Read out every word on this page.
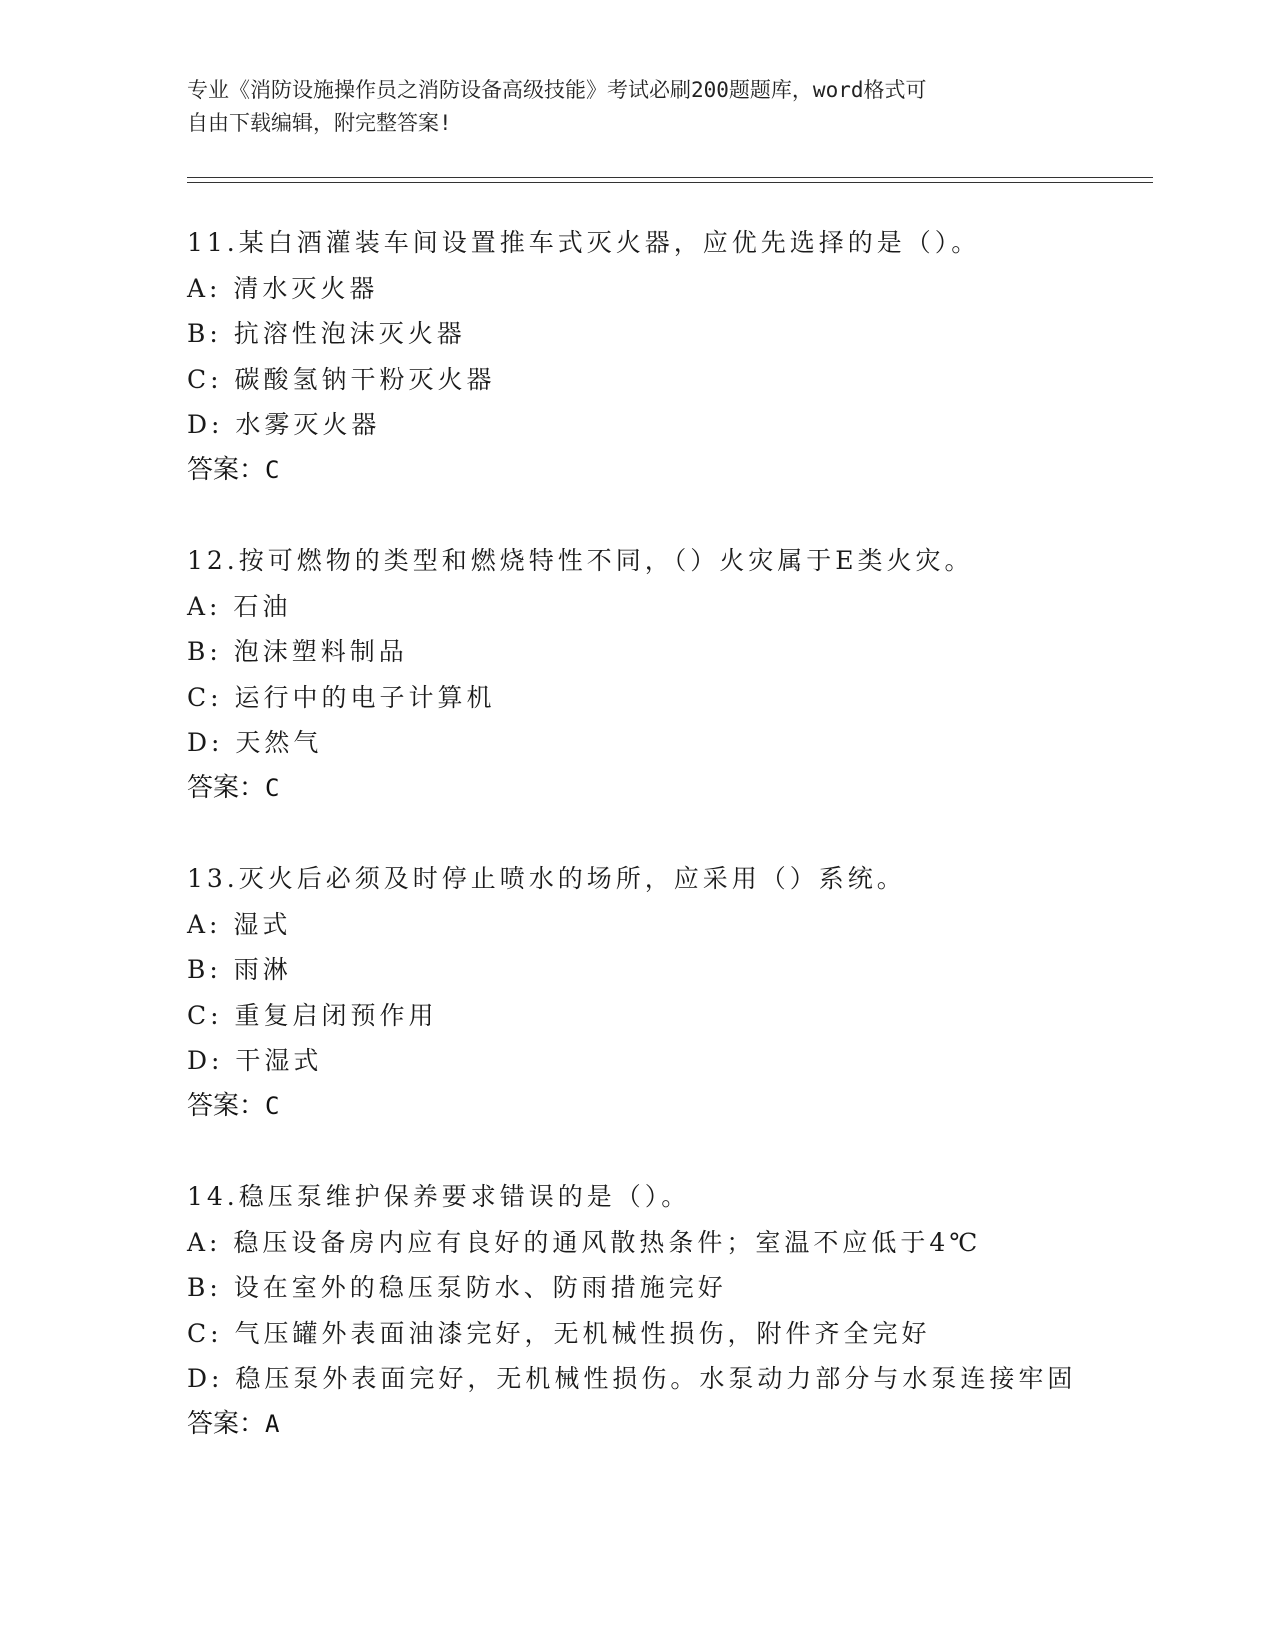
专业《消防设施操作员之消防设备高级技能》考试必刷200题题库，word格式可
自由下载编辑，附完整答案!
11.某白酒灌装车间设置推车式灭火器，应优先选择的是（）。
A: 清水灭火器
B: 抗溶性泡沫灭火器
C: 碳酸氢钠干粉灭火器
D: 水雾灭火器
答案：C
12.按可燃物的类型和燃烧特性不同，（）火灾属于E类火灾。
A: 石油
B: 泡沫塑料制品
C: 运行中的电子计算机
D: 天然气
答案：C
13.灭火后必须及时停止喷水的场所，应采用（）系统。
A: 湿式
B: 雨淋
C: 重复启闭预作用
D: 干湿式
答案：C
14.稳压泵维护保养要求错误的是（）。
A: 稳压设备房内应有良好的通风散热条件；室温不应低于4℃
B: 设在室外的稳压泵防水、防雨措施完好
C: 气压罐外表面油漆完好，无机械性损伤，附件齐全完好
D: 稳压泵外表面完好，无机械性损伤。水泵动力部分与水泵连接牢固
答案：A
